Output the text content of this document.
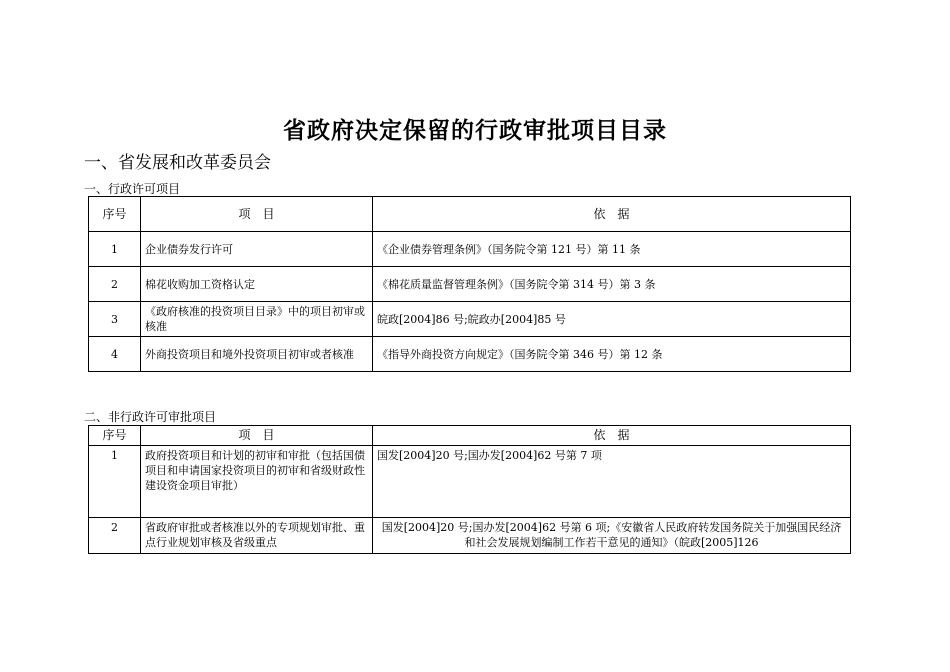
省政府决定保留的行政审批项目目录
一、省发展和改革委员会
一、行政许可项目
序号	项　目	依　据
1	企业债券发行许可	《企业债券管理条例》（国务院令第 121 号）第 11 条
2	棉花收购加工资格认定	《棉花质量监督管理条例》（国务院令第 314 号）第 3 条
3	《政府核准的投资项目目录》中的项目初审或核准	皖政[2004]86 号;皖政办[2004]85 号
4	外商投资项目和境外投资项目初审或者核准	《指导外商投资方向规定》（国务院令第 346 号）第 12 条
二、非行政许可审批项目
序号	项　目	依　据
1	政府投资项目和计划的初审和审批（包括国债项目和申请国家投资项目的初审和省级财政性建设资金项目审批）	国发[2004]20 号;国办发[2004]62 号第 7 项
2	省政府审批或者核准以外的专项规划审批、重点行业规划审核及省级重点	国发[2004]20 号;国办发[2004]62 号第 6 项;《安徽省人民政府转发国务院关于加强国民经济和社会发展规划编制工作若干意见的通知》（皖政[2005]126
